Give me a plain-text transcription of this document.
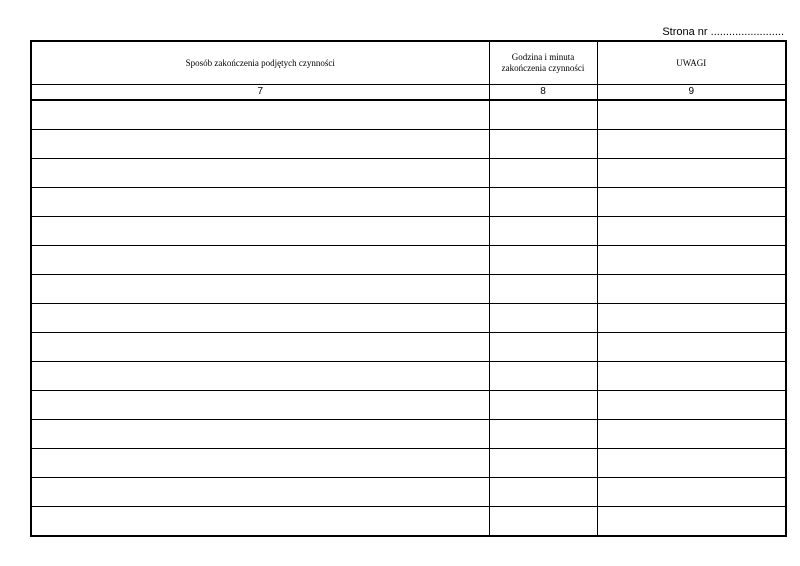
Strona nr ........................
Sposób zakończenia podjętych czynności	Godzina i minuta zakończenia czynności	UWAGI
7	8	9
